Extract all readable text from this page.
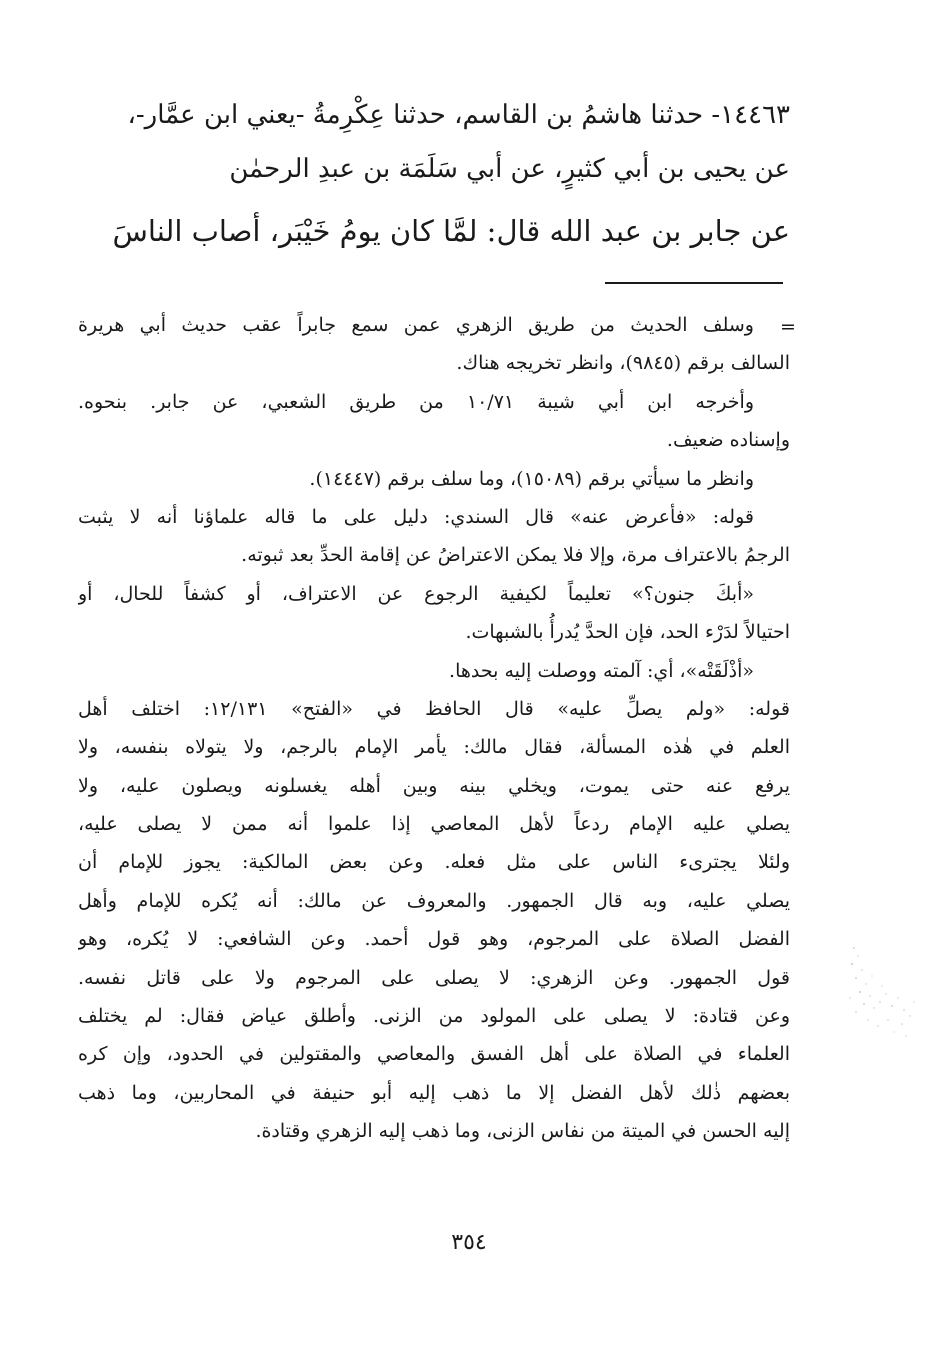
١٤٤٦٣- حدثنا هاشمُ بن القاسم، حدثنا عِكْرِمةُ -يعني ابن عمَّار-،
عن يحيى بن أبي كثيرٍ، عن أبي سَلَمَة بن عبدِ الرحمٰن
عن جابر بن عبد الله قال: لمَّا كان يومُ خَيْبَر، أصاب الناسَ
=
وسلف الحديث من طريق الزهري عمن سمع جابراً عقب حديث أبي هريرة
السالف برقم (٩٨٤٥)، وانظر تخريجه هناك.
وأخرجه ابن أبي شيبة ١٠/٧١ من طريق الشعبي، عن جابر. بنحوه.
وإسناده ضعيف.
وانظر ما سيأتي برقم (١٥٠٨٩)، وما سلف برقم (١٤٤٤٧).
قوله: «فأعرض عنه» قال السندي: دليل على ما قاله علماؤنا أنه لا يثبت
الرجمُ بالاعتراف مرة، وإلا فلا يمكن الاعتراضُ عن إقامة الحدِّ بعد ثبوته.
«أبكَ جنون؟» تعليماً لكيفية الرجوع عن الاعتراف، أو كشفاً للحال، أو
احتيالاً لدَرْء الحد، فإن الحدَّ يُدرأُ بالشبهات.
«أذْلَقَتْه»، أي: آلمته ووصلت إليه بحدها.
قوله: «ولم يصلِّ عليه» قال الحافظ في «الفتح» ١٢/١٣١: اختلف أهل
العلم في هٰذه المسألة، فقال مالك: يأمر الإمام بالرجم، ولا يتولاه بنفسه، ولا
يرفع عنه حتى يموت، ويخلي بينه وبين أهله يغسلونه ويصلون عليه، ولا
يصلي عليه الإمام ردعاً لأهل المعاصي إذا علموا أنه ممن لا يصلى عليه،
ولئلا يجترىء الناس على مثل فعله. وعن بعض المالكية: يجوز للإمام أن
يصلي عليه، وبه قال الجمهور. والمعروف عن مالك: أنه يُكره للإمام وأهل
الفضل الصلاة على المرجوم، وهو قول أحمد. وعن الشافعي: لا يُكره، وهو
قول الجمهور. وعن الزهري: لا يصلى على المرجوم ولا على قاتل نفسه.
وعن قتادة: لا يصلى على المولود من الزنى. وأطلق عياض فقال: لم يختلف
العلماء في الصلاة على أهل الفسق والمعاصي والمقتولين في الحدود، وإن كره
بعضهم ذٰلك لأهل الفضل إلا ما ذهب إليه أبو حنيفة في المحاربين، وما ذهب
إليه الحسن في الميتة من نفاس الزنى، وما ذهب إليه الزهري وقتادة.
٣٥٤
